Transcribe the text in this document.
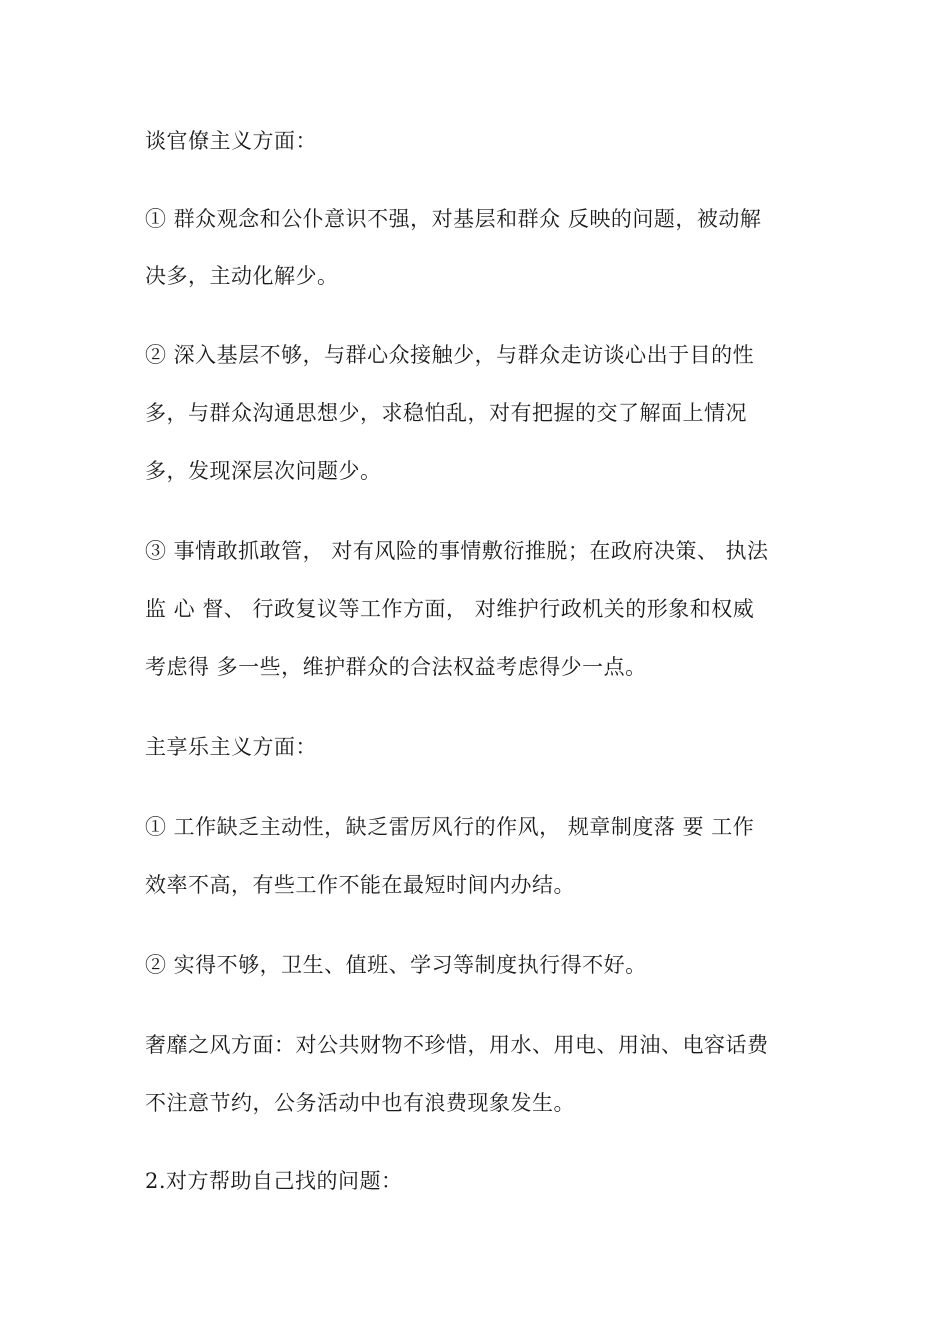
谈官僚主义方面：
① 群众观念和公仆意识不强，对基层和群众 反映的问题，被动解
决多，主动化解少。
② 深入基层不够，与群心众接触少，与群众走访谈心出于目的性
多，与群众沟通思想少，求稳怕乱，对有把握的交了解面上情况
多，发现深层次问题少。
③ 事情敢抓敢管， 对有风险的事情敷衍推脱；在政府决策、 执法
监 心 督、 行政复议等工作方面， 对维护行政机关的形象和权威
考虑得 多一些，维护群众的合法权益考虑得少一点。
主享乐主义方面：
① 工作缺乏主动性，缺乏雷厉风行的作风， 规章制度落 要 工作
效率不高，有些工作不能在最短时间内办结。
② 实得不够，卫生、值班、学习等制度执行得不好。
奢靡之风方面：对公共财物不珍惜，用水、用电、用油、电容话费
不注意节约，公务活动中也有浪费现象发生。
2.对方帮助自己找的问题：
